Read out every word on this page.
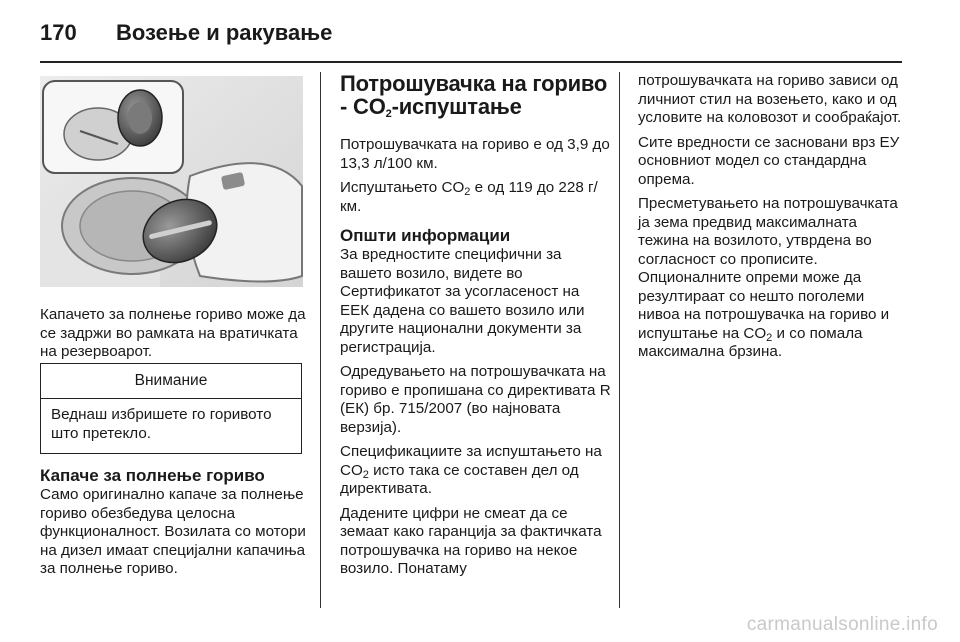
170 Возење и ракување

Капачето за полнење гориво може да се задржи во рамката на вратичката на резервоарот.

Внимание

Веднаш избришете го горивото што претекло.

Капаче за полнење гориво

Само оригинално капаче за полнење гориво обезбедува целосна функционалност. Возилата со мотори на дизел имаат специјални капачиња за полнење гориво.

Потрошувачка на гориво - $CO_2$-испуштање

Потрошувачката на гориво е од 3,9 до 13,3 л/100 км.

Испуштањето $CO_2$ е од 119 до 228 г/км.

Општи информации

За вредностите специфични за вашето возило, видете во Сертификатот за усогласеност на ЕЕК дадена со вашето возило или другите национални документи за регистрација.

Одредувањето на потрошувачката на гориво е пропишана со директивата R (ЕК) бр. 715/2007 (во најновата верзија).

Спецификациите за испуштањето на $CO_2$ исто така се составен дел од директивата.

Дадените цифри не смеат да се земаат како гаранција за фактичката потрошувачка на гориво на некое возило. Понатаму

потрошувачката на гориво зависи од личниот стил на возењето, како и од условите на коловозот и сообраќајот.

Сите вредности се засновани врз ЕУ основниот модел со стандардна опрема.

Пресметувањето на потрошувачката ја зема предвид максималната тежина на возилото, утврдена во согласност со прописите. Опционалните опреми може да резултираат со нешто поголеми нивоа на потрошувачка на гориво и испуштање на $CO_2$ и со помала максимална брзина.

carmanualsonline.info
